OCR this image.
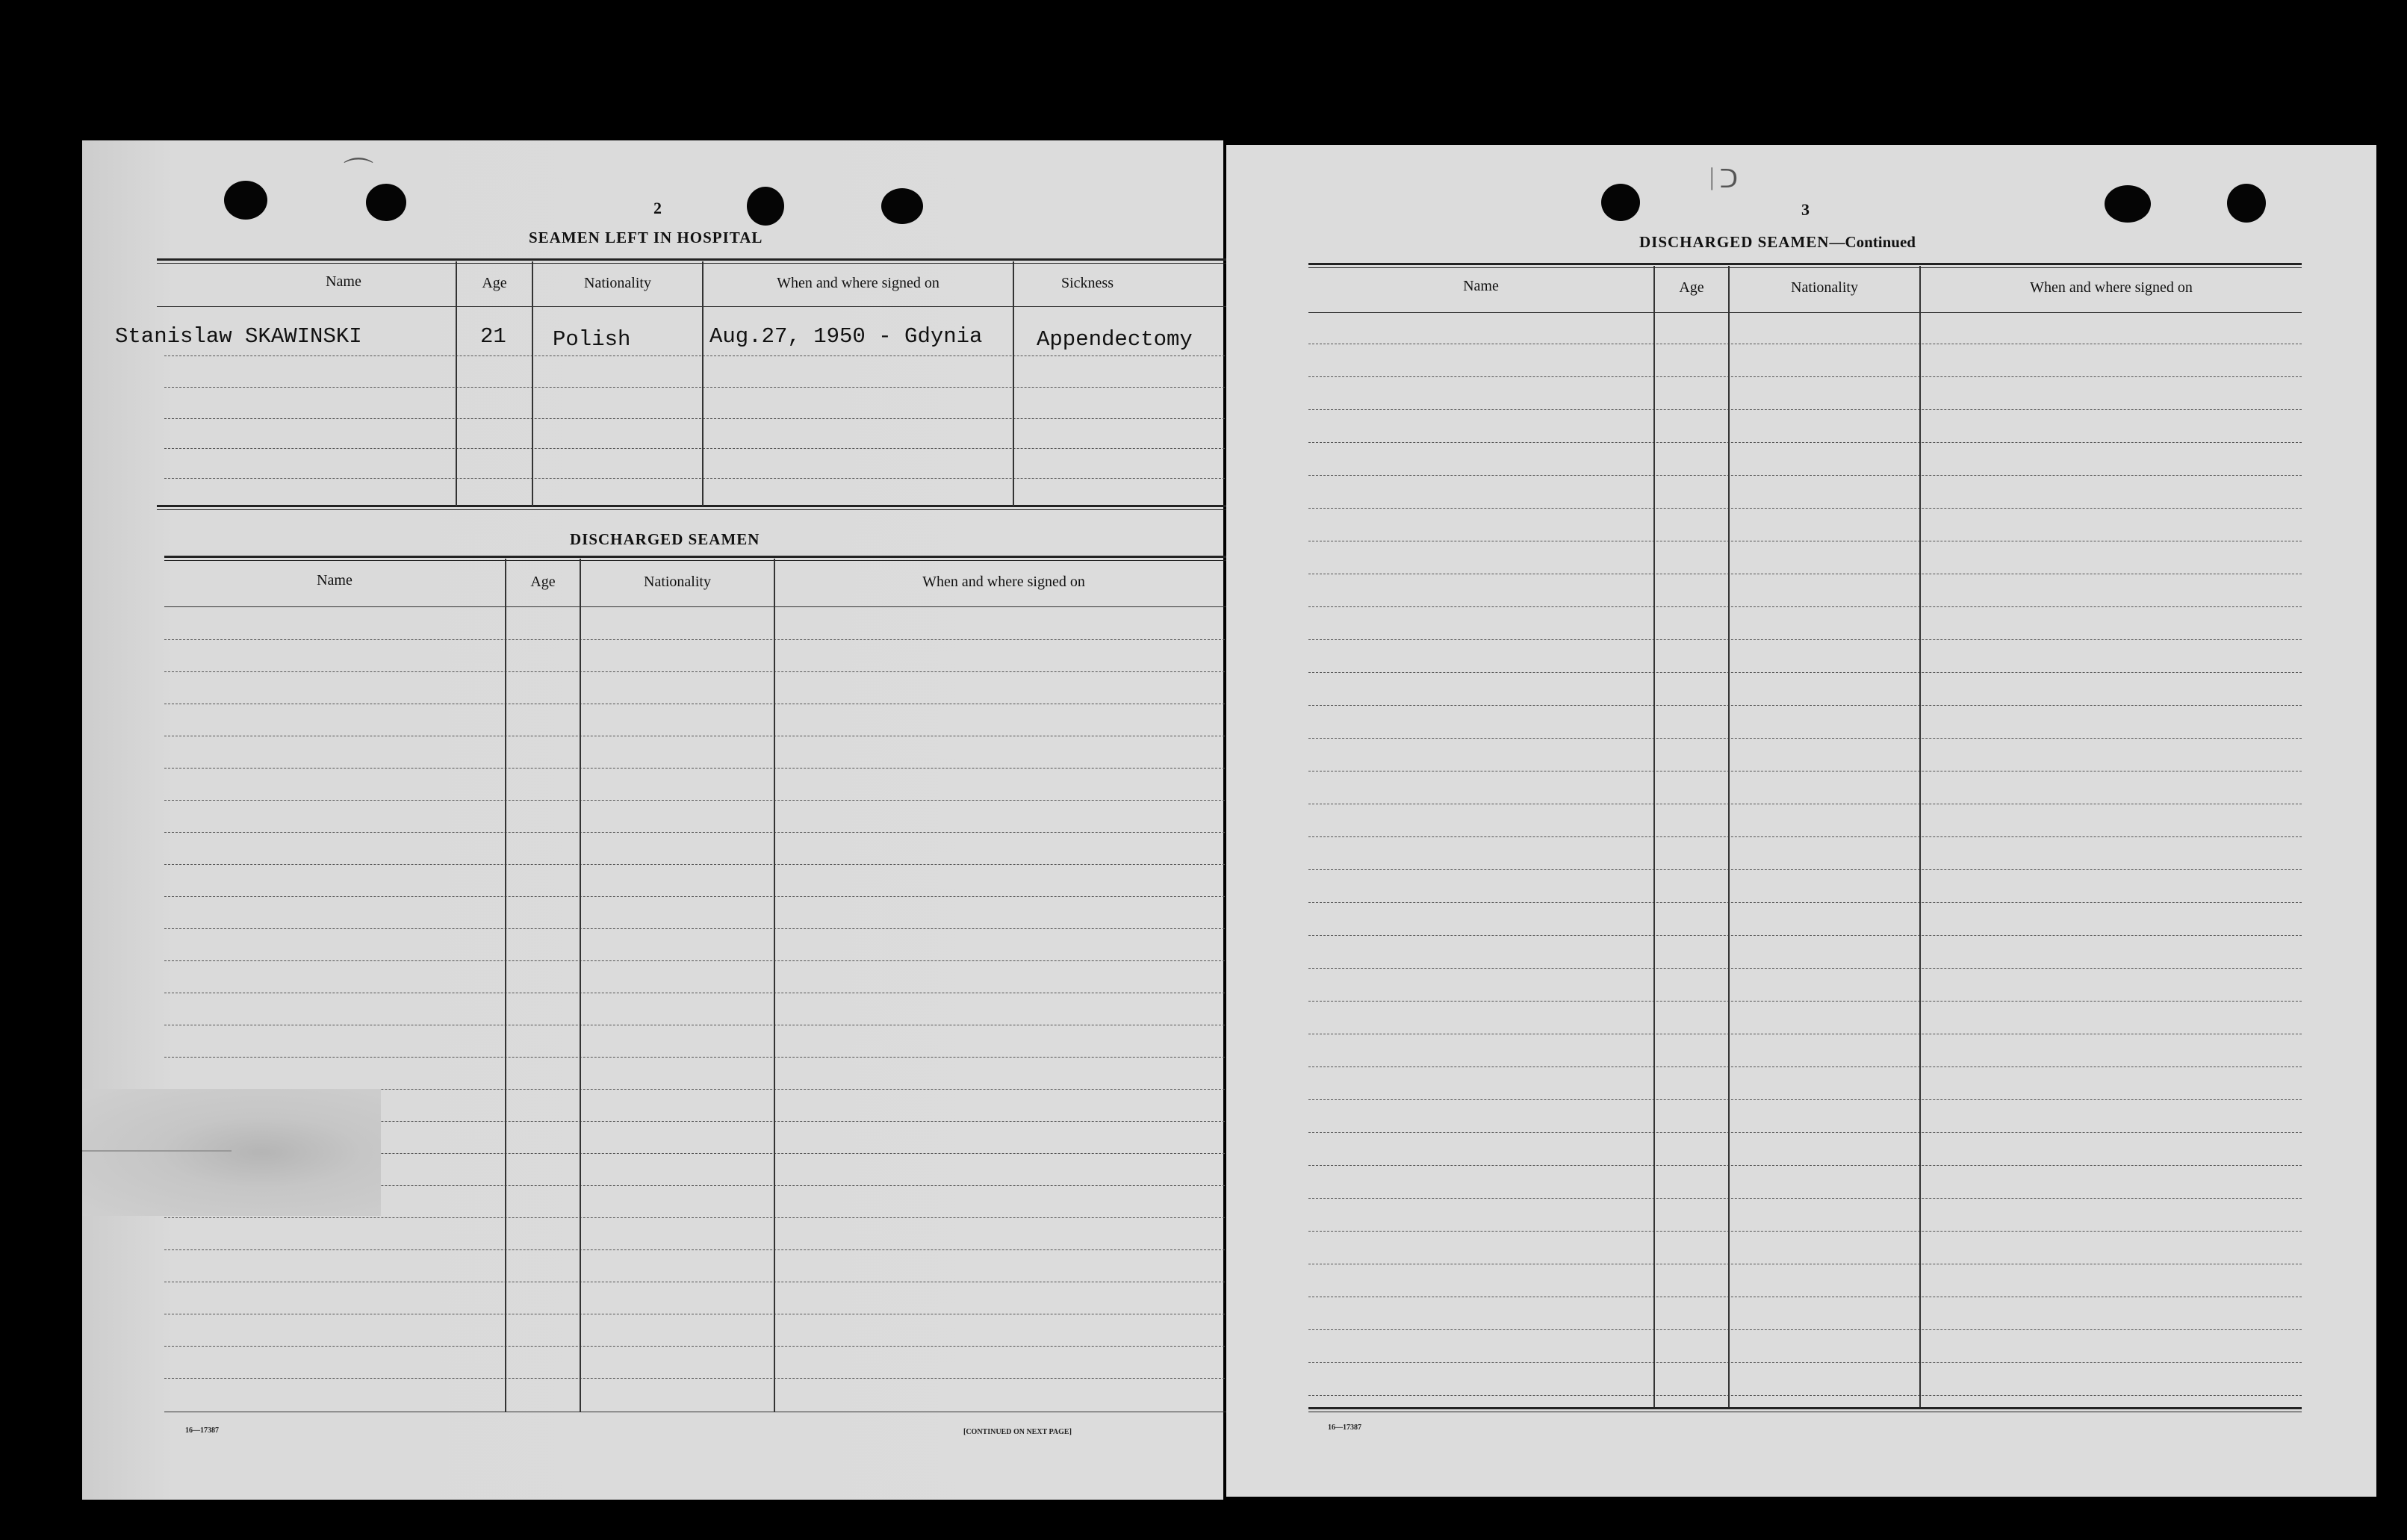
⌒
2
SEAMEN LEFT IN HOSPITAL
Name	Age	Nationality	When and where signed on	Sickness
Stanislaw SKAWINSKI	21 Polish	Aug.27, 1950 - Gdynia	Appendectomy
DISCHARGED SEAMEN
Name	Age	Nationality	When and where signed on
16—17387	[CONTINUED ON NEXT PAGE]
ᛁᑐ
3
DISCHARGED SEAMEN—Continued
Name	Age	Nationality	When and where signed on
16—17387
